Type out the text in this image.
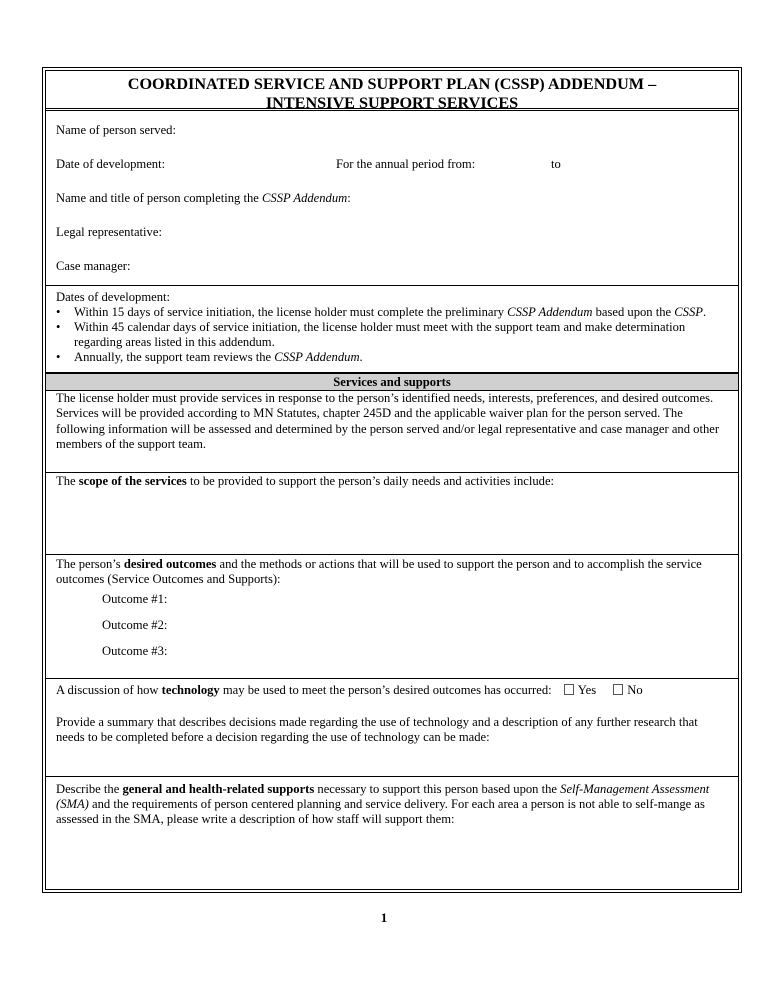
COORDINATED SERVICE AND SUPPORT PLAN (CSSP) ADDENDUM –
INTENSIVE SUPPORT SERVICES
Name of person served:
Date of development:	For the annual period from:	to
Name and title of person completing the CSSP Addendum:
Legal representative:
Case manager:
Dates of development:
• Within 15 days of service initiation, the license holder must complete the preliminary CSSP Addendum based upon the CSSP.
• Within 45 calendar days of service initiation, the license holder must meet with the support team and make determination regarding areas listed in this addendum.
• Annually, the support team reviews the CSSP Addendum.
Services and supports
The license holder must provide services in response to the person’s identified needs, interests, preferences, and desired outcomes. Services will be provided according to MN Statutes, chapter 245D and the applicable waiver plan for the person served. The following information will be assessed and determined by the person served and/or legal representative and case manager and other members of the support team.
The scope of the services to be provided to support the person’s daily needs and activities include:
The person’s desired outcomes and the methods or actions that will be used to support the person and to accomplish the service outcomes (Service Outcomes and Supports):
Outcome #1:
Outcome #2:
Outcome #3:
A discussion of how technology may be used to meet the person’s desired outcomes has occurred: Yes No
Provide a summary that describes decisions made regarding the use of technology and a description of any further research that needs to be completed before a decision regarding the use of technology can be made:
Describe the general and health-related supports necessary to support this person based upon the Self-Management Assessment (SMA) and the requirements of person centered planning and service delivery. For each area a person is not able to self-mange as assessed in the SMA, please write a description of how staff will support them:
1
